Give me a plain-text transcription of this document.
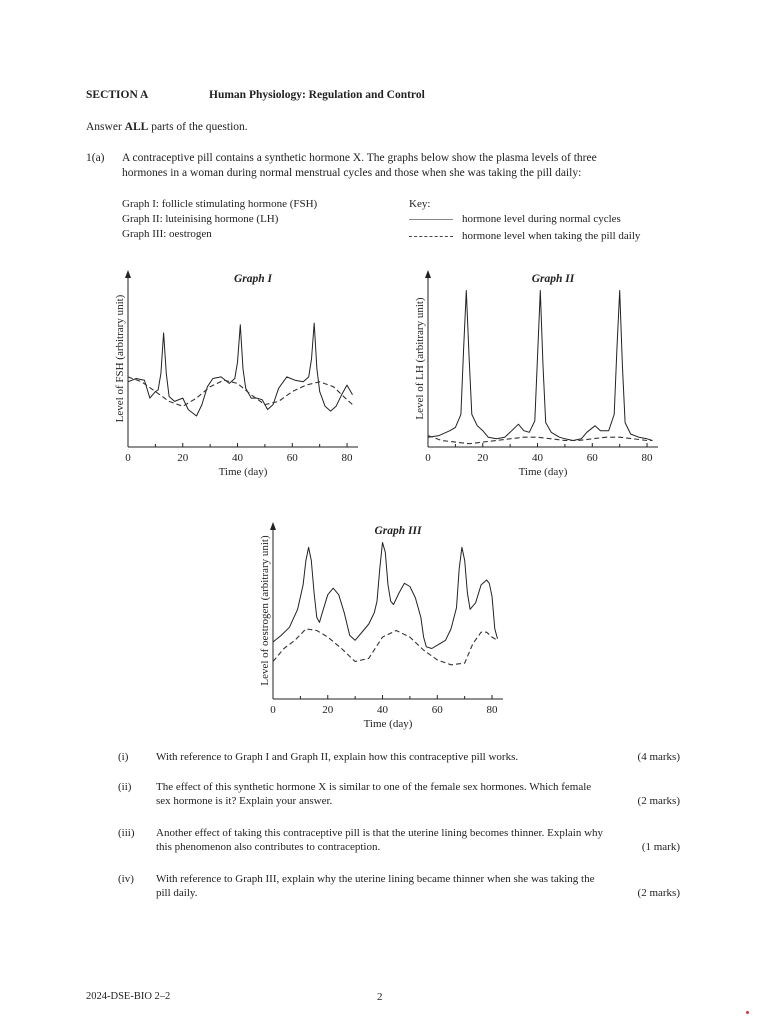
SECTION A	Human Physiology: Regulation and Control
Answer ALL parts of the question.
1(a) A contraceptive pill contains a synthetic hormone X. The graphs below show the plasma levels of three
hormones in a woman during normal menstrual cycles and those when she was taking the pill daily:
Graph I: follicle stimulating hormone (FSH)
Graph II: luteinising hormone (LH)
Graph III: oestrogen
Key:
hormone level during normal cycles
hormone level when taking the pill daily
0	20	40	60	80
Graph I
Time (day)
Level of FSH (arbitrary unit)
0	20	40	60	80
Graph II
Time (day)
Level of LH (arbitrary unit)
0	20	40	60	80
Graph III
Time (day)
Level of oestrogen (arbitrary unit)
(i)	With reference to Graph I and Graph II, explain how this contraceptive pill works.	(4 marks)
(ii) The effect of this synthetic hormone X is similar to one of the female sex hormones. Which female
sex hormone is it? Explain your answer.	(2 marks)
(iii) Another effect of taking this contraceptive pill is that the uterine lining becomes thinner. Explain why
this phenomenon also contributes to contraception.	(1 mark)
(iv) With reference to Graph III, explain why the uterine lining became thinner when she was taking the
pill daily.	(2 marks)
2024-DSE-BIO 2–2	2
